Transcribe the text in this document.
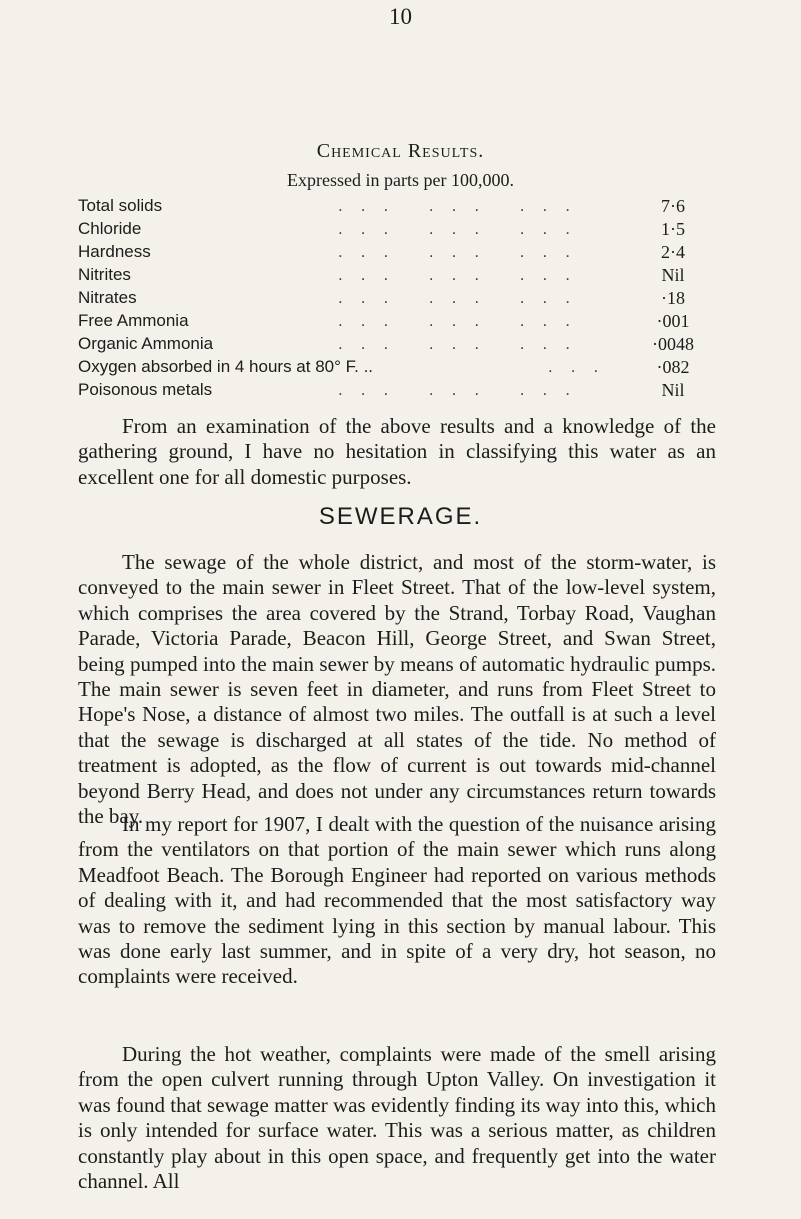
10
Chemical Results.
Expressed in parts per 100,000.
Total solids	... ... ...	7·6
Chloride	... ... ...	1·5
Hardness	... ... ...	2·4
Nitrites	... ... ...	Nil
Nitrates	... ... ...	·18
Free Ammonia	... ... ...	·001
Organic Ammonia	... ... ...	·0048
Oxygen absorbed in 4 hours at 80° F. ..	...	·082
Poisonous metals	... ... ...	Nil
From an examination of the above results and a knowledge of the gathering ground, I have no hesitation in classifying this water as an excellent one for all domestic purposes.
SEWERAGE.
The sewage of the whole district, and most of the storm-water, is conveyed to the main sewer in Fleet Street. That of the low-level system, which comprises the area covered by the Strand, Torbay Road, Vaughan Parade, Victoria Parade, Beacon Hill, George Street, and Swan Street, being pumped into the main sewer by means of automatic hydraulic pumps. The main sewer is seven feet in diameter, and runs from Fleet Street to Hope's Nose, a distance of almost two miles. The outfall is at such a level that the sewage is discharged at all states of the tide. No method of treatment is adopted, as the flow of current is out towards mid-channel beyond Berry Head, and does not under any circumstances return towards the bay.
In my report for 1907, I dealt with the question of the nuisance arising from the ventilators on that portion of the main sewer which runs along Meadfoot Beach. The Borough Engineer had reported on various methods of dealing with it, and had recommended that the most satisfactory way was to remove the sediment lying in this section by manual labour. This was done early last summer, and in spite of a very dry, hot season, no complaints were received.
During the hot weather, complaints were made of the smell arising from the open culvert running through Upton Valley. On investigation it was found that sewage matter was evidently finding its way into this, which is only intended for surface water. This was a serious matter, as children constantly play about in this open space, and frequently get into the water channel. All
